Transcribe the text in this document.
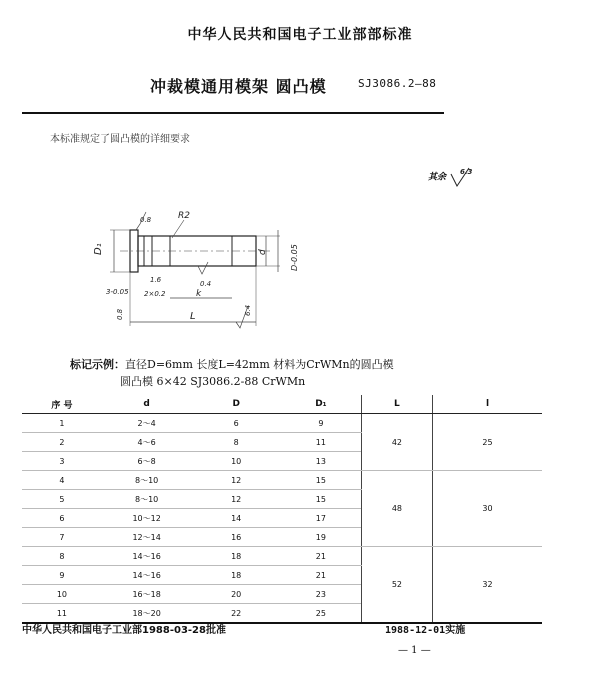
中华人民共和国电子工业部部标准
冲裁模通用模架 圆凸模	SJ3086.2—88
本标准规定了圆凸模的详细要求
其余
6.3
D₁	d	D-0.05
R2
0.8
1.6	0.4
k
3-0.05 2×0.2
0.8	L
6.4
标记示例：直径D=6mm 长度L=42mm 材料为CrWMn的圆凸模
圆凸模 6×42 SJ3086.2-88 CrWMn
序 号	d	D	D₁	L	l
1	2～4	6	9	42	25
2	4～6	8	11		
3	6～8	10	13		
4	8～10	12	15	48	30
5	8～10	12	15		
6	10～12	14	17		
7	12～14	16	19		
8	14～16	18	21	52	32
9	14～16	18	21		
10	16～18	20	23		
11	18～20	22	25		
中华人民共和国电子工业部1988-03-28批准	1988-12-01实施
— 1 —
